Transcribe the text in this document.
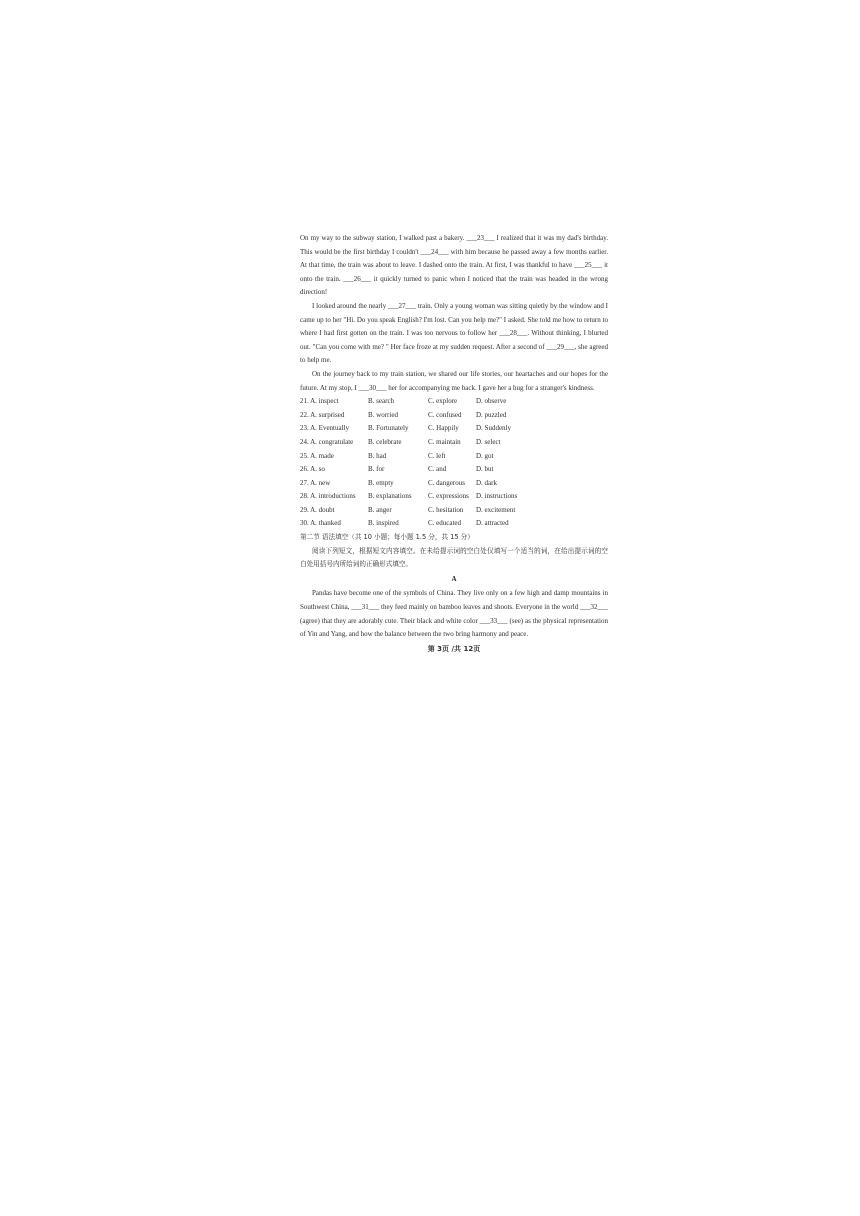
On my way to the subway station, I walked past a bakery. ___23___ I realized that it was my dad's birthday. This would be the first birthday I couldn't ___24___ with him because he passed away a few months earlier. At that time, the train was about to leave. I dashed onto the train. At first, I was thankful to have ___25___ it onto the train. ___26___ it quickly turned to panic when I noticed that the train was headed in the wrong direction!

I looked around the nearly ___27___ train. Only a young woman was sitting quietly by the window and I came up to her "Hi. Do you speak English? I'm lost. Can you help me?" I asked. She told me how to return to where I had first gotten on the train. I was too nervous to follow her ___28___. Without thinking, I blurted out. "Can you come with me? " Her face froze at my sudden request. After a second of ___29___, she agreed to help me.

On the journey back to my train station, we shared our life stories, our heartaches and our hopes for the future. At my stop, I ___30___ her for accompanying me back. I gave her a hug for a stranger's kindness.

21. A. inspect	B. search	C. explore	D. observe
22. A. surprised	B. worried	C. confused	D. puzzled
23. A. Eventually	B. Fortunately	C. Happily	D. Suddenly
24. A. congratulate	B. celebrate	C. maintain	D. select
25. A. made	B. had	C. left	D. got
26. A. so	B. for	C. and	D. but
27. A. new	B. empty	C. dangerous	D. dark
28. A. introductions	B. explanations	C. expressions	D. instructions
29. A. doubt	B. anger	C. hesitation	D. excitement
30. A. thanked	B. inspired	C. educated	D. attracted

第二节 语法填空（共 10 小题；每小题 1.5 分，共 15 分）

阅读下列短文，根据短文内容填空。在未给提示词的空白处仅填写一个适当的词，在给出提示词的空白处用括号内所给词的正确形式填空。

A

Pandas have become one of the symbols of China. They live only on a few high and damp mountains in Southwest China, ___31___ they feed mainly on bamboo leaves and shoots. Everyone in the world ___32___ (agree) that they are adorably cute. Their black and white color ___33___ (see) as the physical representation of Yin and Yang, and how the balance between the two bring harmony and peace.

第 3页 /共 12页
